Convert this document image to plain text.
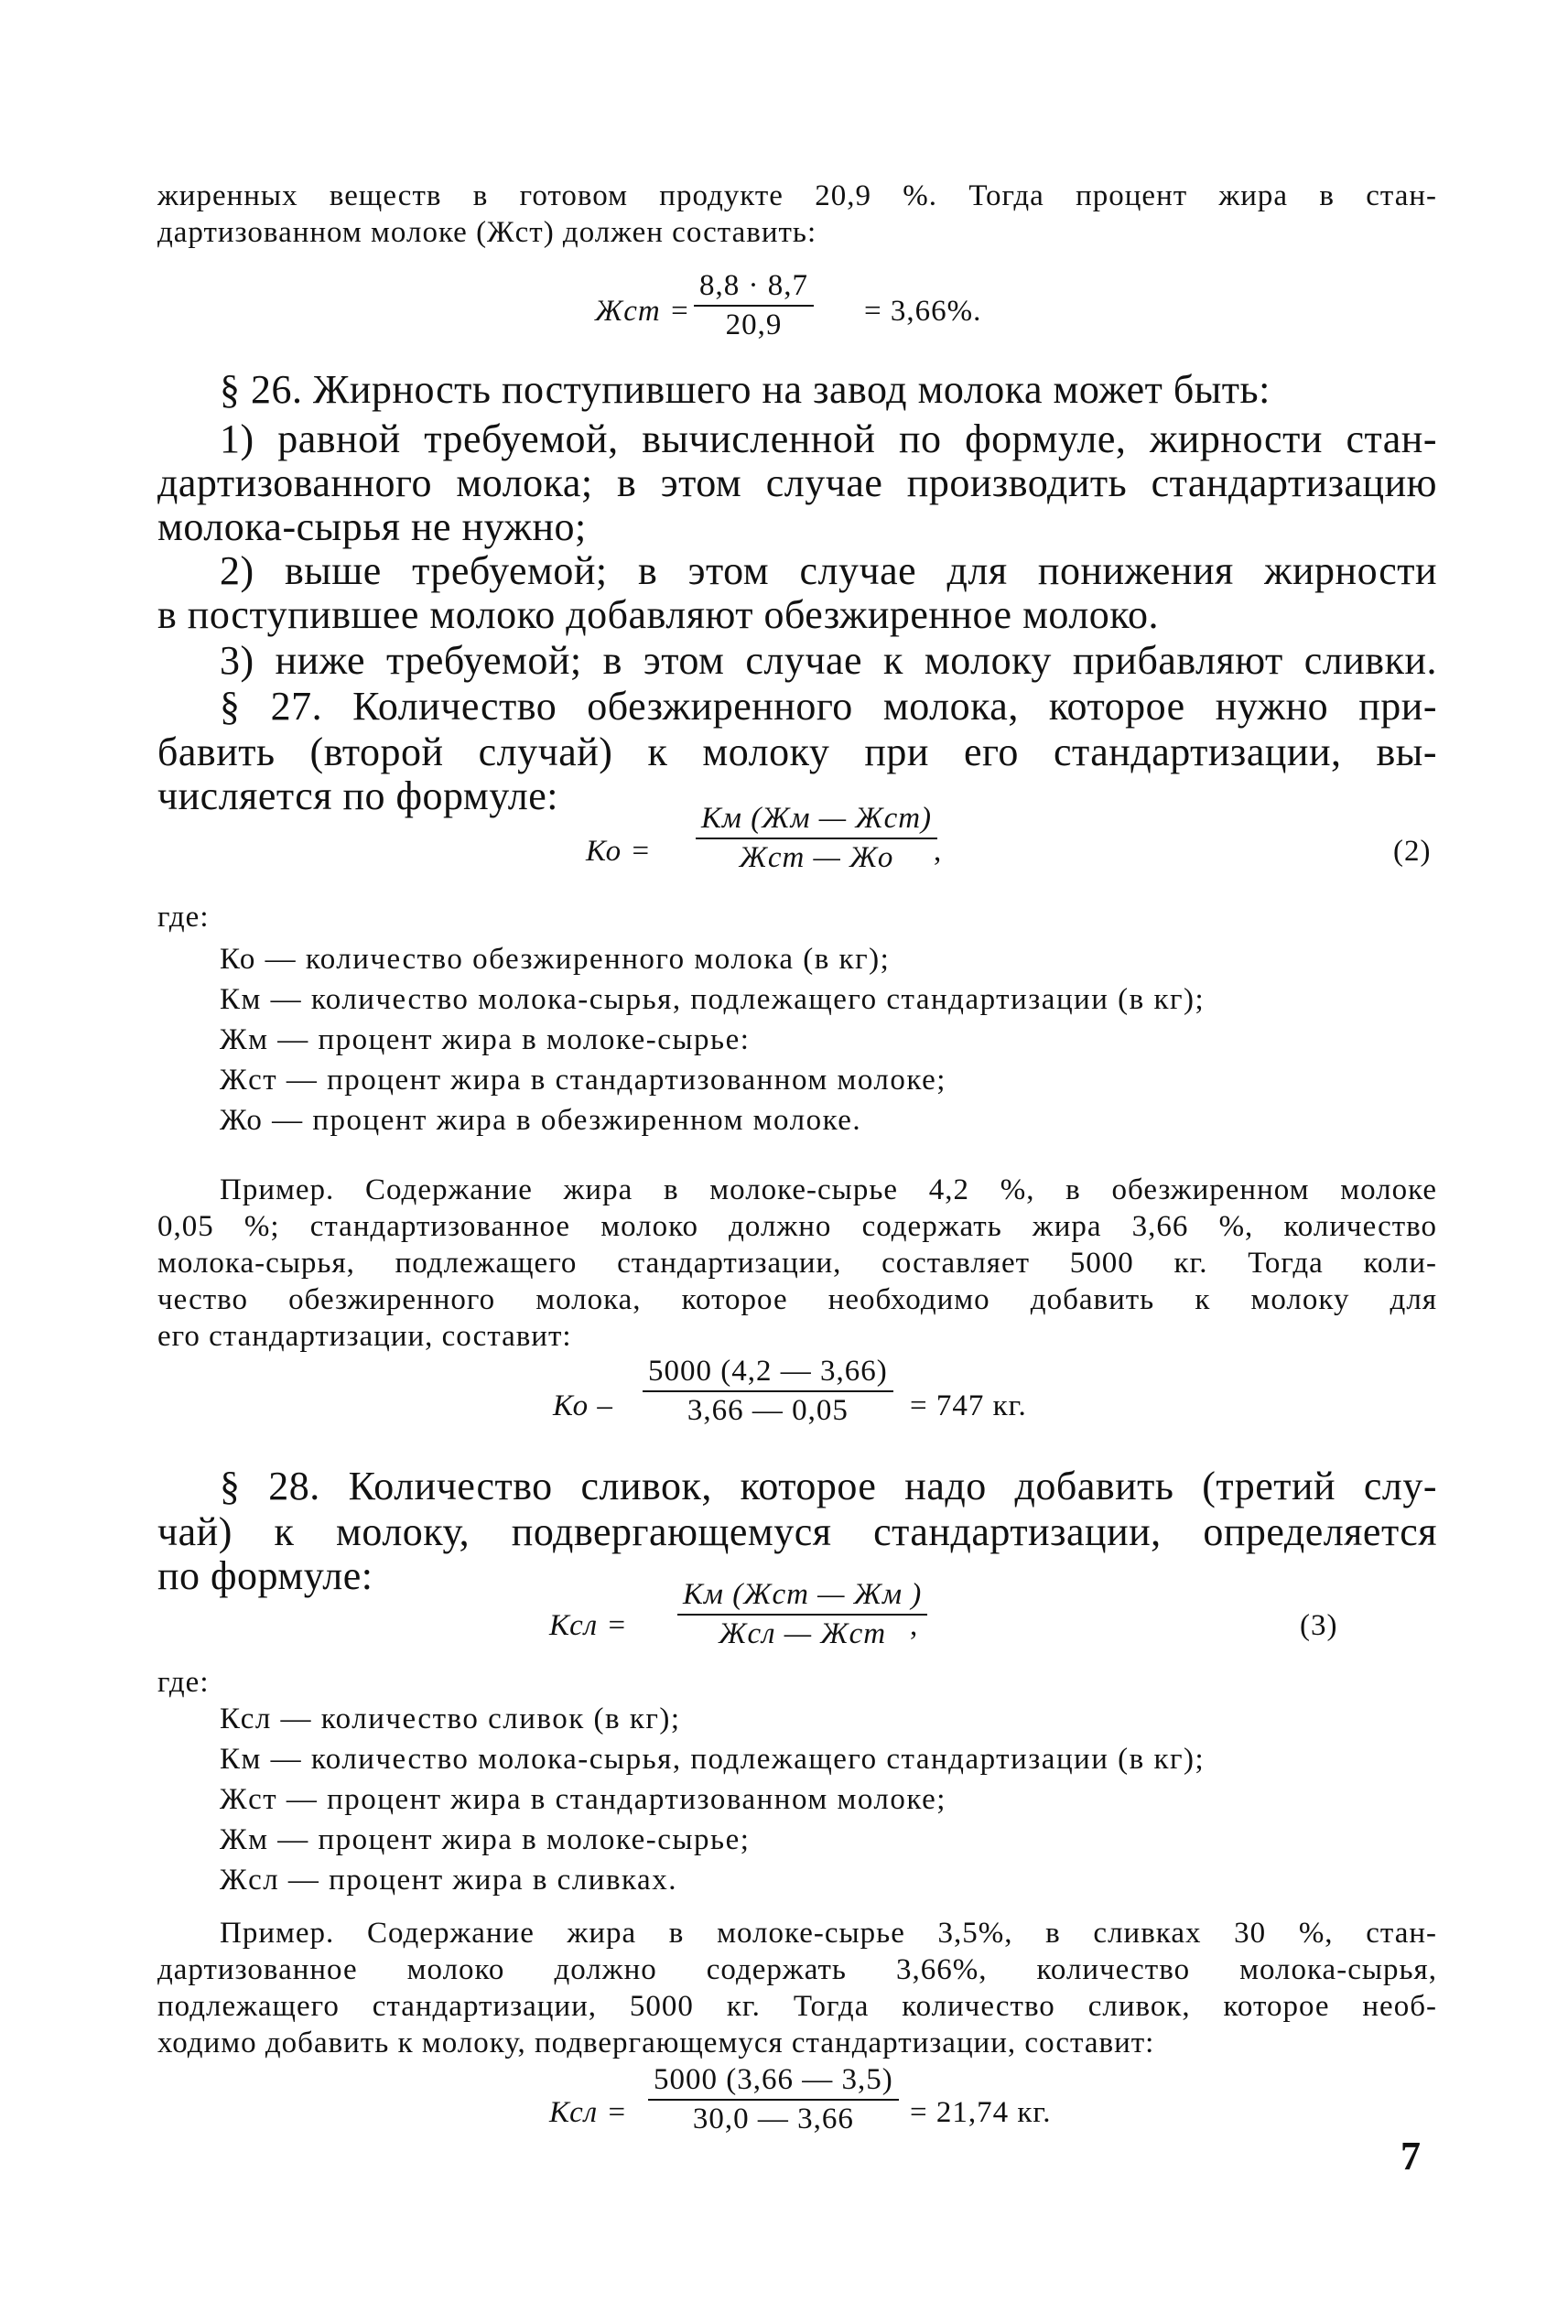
жиренных веществ в готовом продукте 20,9 %. Тогда процент жира в стан-
дартизованном молоке (Жст) должен составить:
Жст =
8,8 · 8,7
20,9	= 3,66%.
§ 26. Жирность поступившего на завод молока может быть:
1) равной требуемой, вычисленной по формуле, жирности стан-
дартизованного молока; в этом случае производить стандартизацию
молока-сырья не нужно;
2) выше требуемой; в этом случае для понижения жирности
в поступившее молоко добавляют обезжиренное молоко.
3) ниже требуемой; в этом случае к молоку прибавляют сливки.
§ 27. Количество обезжиренного молока, которое нужно при-
бавить (второй случай) к молоку при его стандартизации, вы-
числяется по формуле:
Ко =
Км (Жм — Жст)
Жст — Жо ,	(2)
где:
Ко — количество обезжиренного молока (в кг);
Км — количество молока-сырья, подлежащего стандартизации (в кг);
Жм — процент жира в молоке-сырье:
Жст — процент жира в стандартизованном молоке;
Жо — процент жира в обезжиренном молоке.
Пример. Содержание жира в молоке-сырье 4,2 %, в обезжиренном молоке
0,05 %; стандартизованное молоко должно содержать жира 3,66 %, количество
молока-сырья, подлежащего стандартизации, составляет 5000 кг. Тогда коли-
чество обезжиренного молока, которое необходимо добавить к молоку для
его стандартизации, составит:
Ко –
5000 (4,2 — 3,66)
3,66 — 0,05 = 747 кг.
§ 28. Количество сливок, которое надо добавить (третий слу-
чай) к молоку, подвергающемуся стандартизации, определяется
по формуле:
Ксл =
Км (Жст — Жм )
Жсл — Жст ,	(3)
где:
Ксл — количество сливок (в кг);
Км — количество молока-сырья, подлежащего стандартизации (в кг);
Жст — процент жира в стандартизованном молоке;
Жм — процент жира в молоке-сырье;
Жсл — процент жира в сливках.
Пример. Содержание жира в молоке-сырье 3,5%, в сливках 30 %, стан-
дартизованное молоко должно содержать 3,66%, количество молока-сырья,
подлежащего стандартизации, 5000 кг. Тогда количество сливок, которое необ-
ходимо добавить к молоку, подвергающемуся стандартизации, составит:
Ксл =
5000 (3,66 — 3,5)
30,0 — 3,66 = 21,74 кг.
7
